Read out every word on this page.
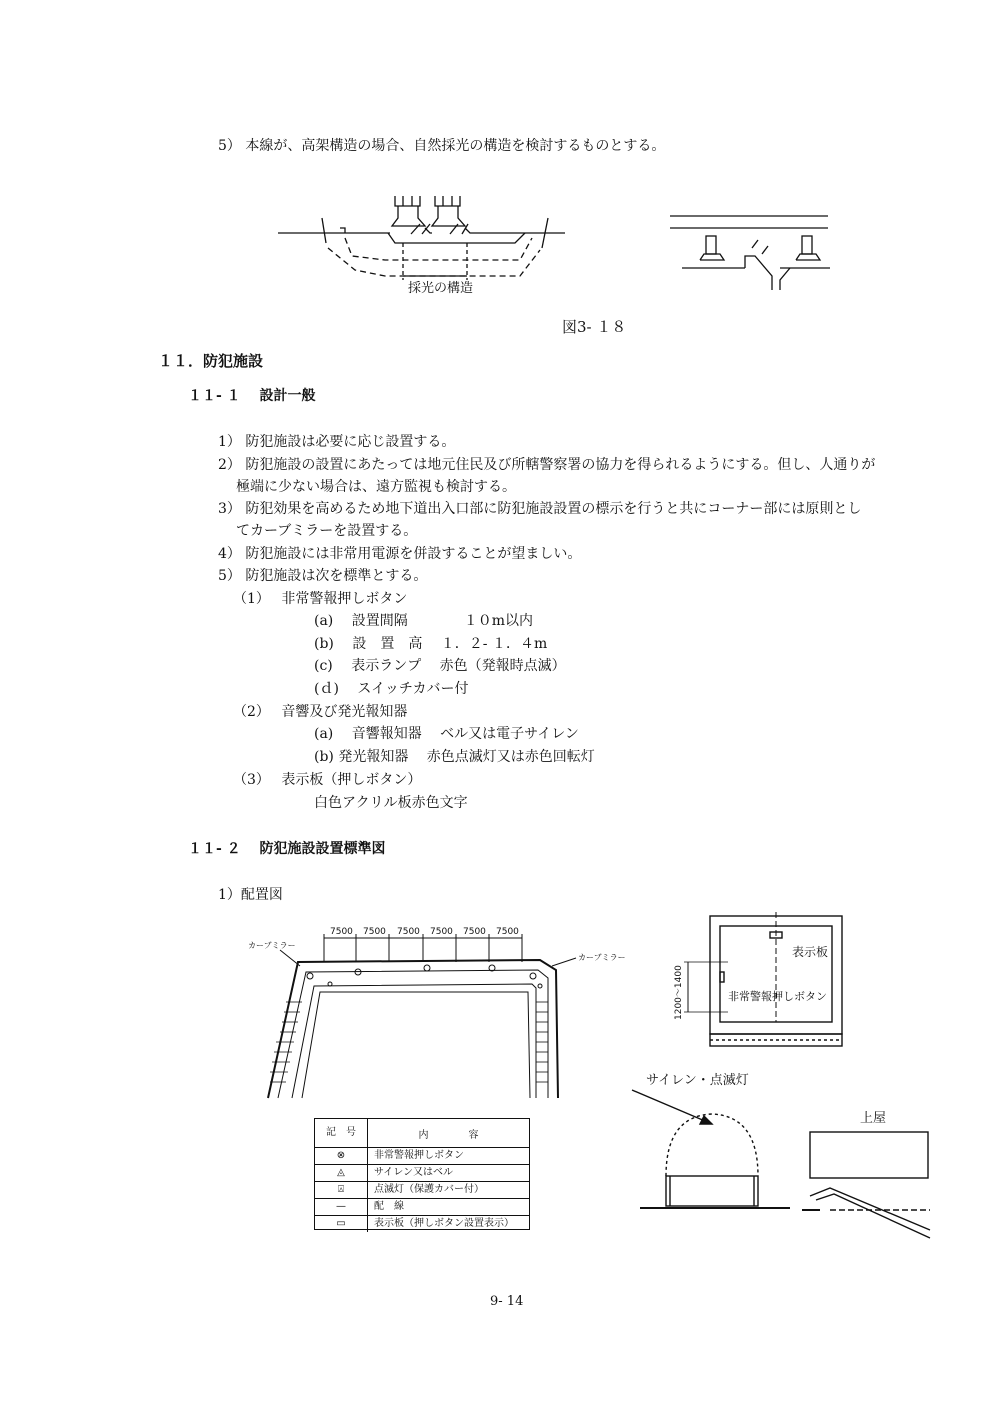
5） 本線が、高架構造の場合、自然採光の構造を検討するものとする。
採光の構造
図3- １８
１１．防犯施設
１１- １　 設計一般
1） 防犯施設は必要に応じ設置する。
2） 防犯施設の設置にあたっては地元住民及び所轄警察署の協力を得られるようにする。但し、人通りが
極端に少ない場合は、遠方監視も検討する。
3） 防犯効果を高めるため地下道出入口部に防犯施設設置の標示を行うと共にコーナー部には原則とし
てカーブミラーを設置する。
4） 防犯施設には非常用電源を併設することが望ましい。
5） 防犯施設は次を標準とする。
（1）　 非常警報押しボタン
(a)　 設置間隔　　　　１０m以内
(b)　 設　置　高　 １．２- １．４m
(c)　 表示ランプ　 赤色（発報時点滅）
(ｄ)　 スイッチカバー付
（2）　 音響及び発光報知器
(a)　 音響報知器　 ベル又は電子サイレン
(b) 発光報知器　 赤色点滅灯又は赤色回転灯
（3）　 表示板（押しボタン）
白色アクリル板赤色文字
１１- ２　 防犯施設設置標準図
1）配置図
7500 7500 7500 7500 7500 7500
カーブミラー
カーブミラー
記　号	内　　　　容
⊗	非常警報押しボタン
◬	サイレン又はベル
⍓	点滅灯（保護カバー付）
—	配　線
▭	表示板（押しボタン設置表示）
表示板
非常警報押しボタン
1200～1400
サイレン・点滅灯
上屋
9- 14
